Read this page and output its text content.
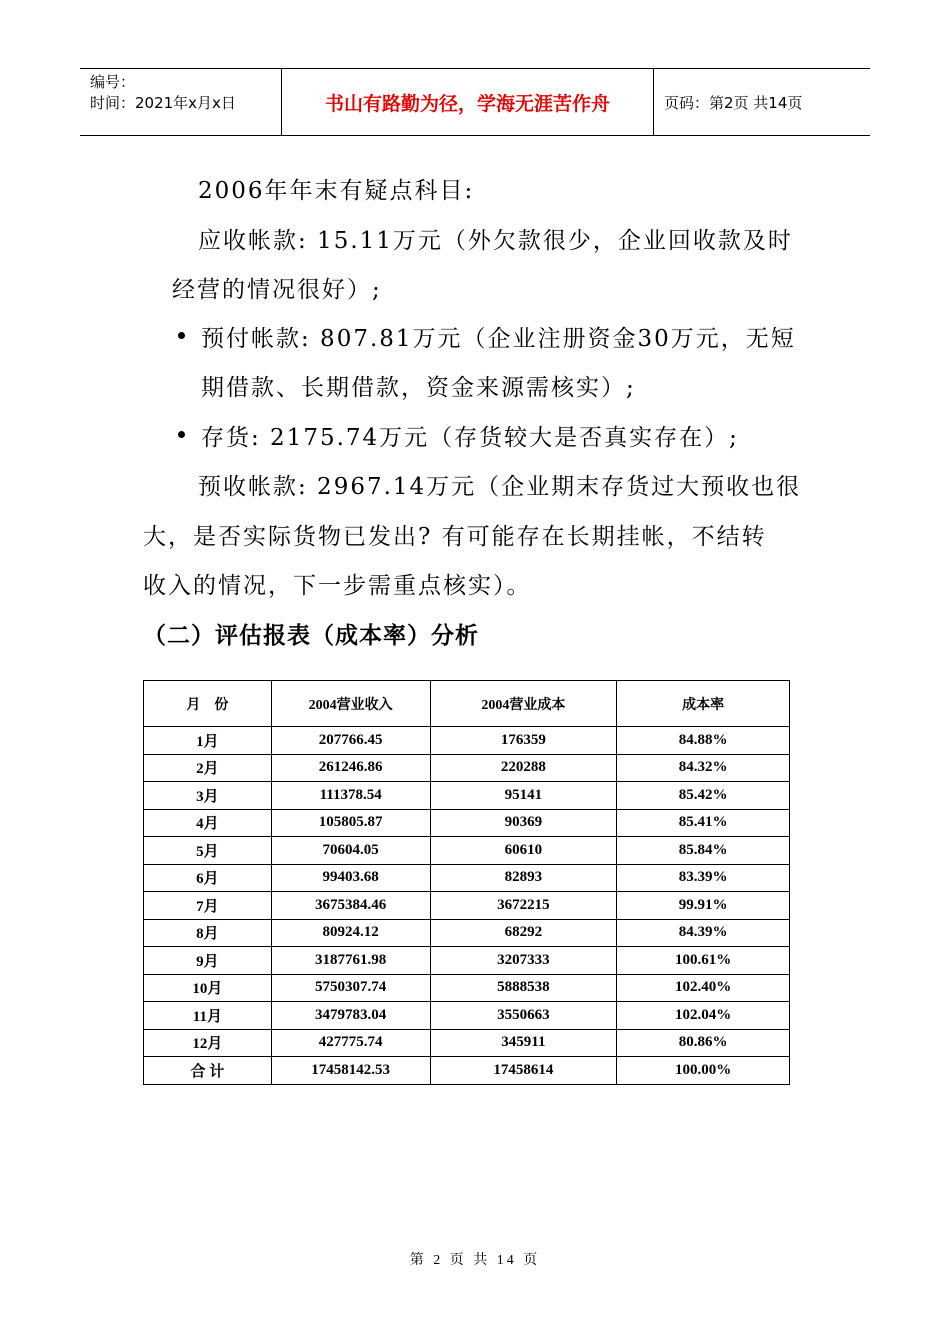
编号：
时间：2021年x月x日	书山有路勤为径，学海无涯苦作舟	页码：第2页 共14页
2006年年末有疑点科目:
应收帐款: 15.11万元（外欠款很少，企业回收款及时
经营的情况很好）;
预付帐款: 807.81万元（企业注册资金30万元，无短
期借款、长期借款，资金来源需核实）;
存货: 2175.74万元（存货较大是否真实存在）;
预收帐款: 2967.14万元（企业期末存货过大预收也很
大，是否实际货物已发出? 有可能存在长期挂帐，不结转
收入的情况，下一步需重点核实）。
（二）评估报表（成本率）分析
月　份	2004营业收入	2004营业成本	成本率
1月	207766.45	176359	84.88%
2月	261246.86	220288	84.32%
3月	111378.54	95141	85.42%
4月	105805.87	90369	85.41%
5月	70604.05	60610	85.84%
6月	99403.68	82893	83.39%
7月	3675384.46	3672215	99.91%
8月	80924.12	68292	84.39%
9月	3187761.98	3207333	100.61%
10月	5750307.74	5888538	102.40%
11月	3479783.04	3550663	102.04%
12月	427775.74	345911	80.86%
合 计	17458142.53	17458614	100.00%
第 2 页 共 14 页
